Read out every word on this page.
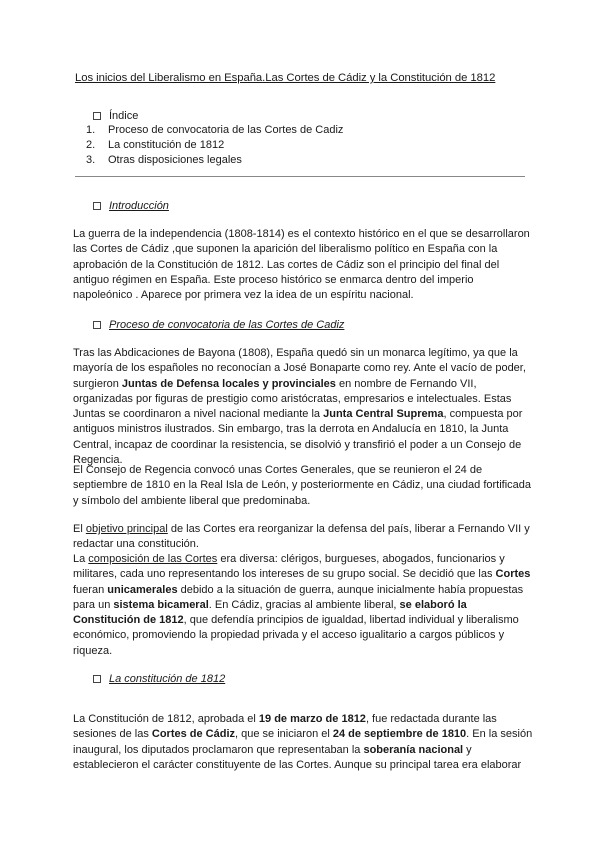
Los inicios del Liberalismo en España.Las Cortes de Cádiz y la Constitución de 1812
Índice
1.	Proceso de convocatoria de las Cortes de Cadiz
2.	La constitución de 1812
3.	Otras disposiciones legales
Introducción

La guerra de la independencia (1808-1814) es el contexto histórico en el que se desarrollaron las Cortes de Cádiz ,que suponen la aparición del liberalismo político en España con la aprobación de la Constitución de 1812. Las cortes de Cádiz son el principio del final del antiguo régimen en España. Este proceso histórico se enmarca dentro del imperio napoleónico . Aparece por primera vez la idea de un espíritu nacional.

Proceso de convocatoria de las Cortes de Cadiz

Tras las Abdicaciones de Bayona (1808), España quedó sin un monarca legítimo, ya que la mayoría de los españoles no reconocían a José Bonaparte como rey. Ante el vacío de poder, surgieron Juntas de Defensa locales y provinciales en nombre de Fernando VII, organizadas por figuras de prestigio como aristócratas, empresarios e intelectuales. Estas Juntas se coordinaron a nivel nacional mediante la Junta Central Suprema, compuesta por antiguos ministros ilustrados. Sin embargo, tras la derrota en Andalucía en 1810, la Junta Central, incapaz de coordinar la resistencia, se disolvió y transfirió el poder a un Consejo de Regencia.

El Consejo de Regencia convocó unas Cortes Generales, que se reunieron el 24 de septiembre de 1810 en la Real Isla de León, y posteriormente en Cádiz, una ciudad fortificada y símbolo del ambiente liberal que predominaba.

El objetivo principal de las Cortes era reorganizar la defensa del país, liberar a Fernando VII y redactar una constitución.

La composición de las Cortes era diversa: clérigos, burgueses, abogados, funcionarios y militares, cada uno representando los intereses de su grupo social. Se decidió que las Cortes fueran unicamerales debido a la situación de guerra, aunque inicialmente había propuestas para un sistema bicameral. En Cádiz, gracias al ambiente liberal, se elaboró la Constitución de 1812, que defendía principios de igualdad, libertad individual y liberalismo económico, promoviendo la propiedad privada y el acceso igualitario a cargos públicos y riqueza.

La constitución de 1812

La Constitución de 1812, aprobada el 19 de marzo de 1812, fue redactada durante las sesiones de las Cortes de Cádiz, que se iniciaron el 24 de septiembre de 1810. En la sesión inaugural, los diputados proclamaron que representaban la soberanía nacional y establecieron el carácter constituyente de las Cortes. Aunque su principal tarea era elaborar
